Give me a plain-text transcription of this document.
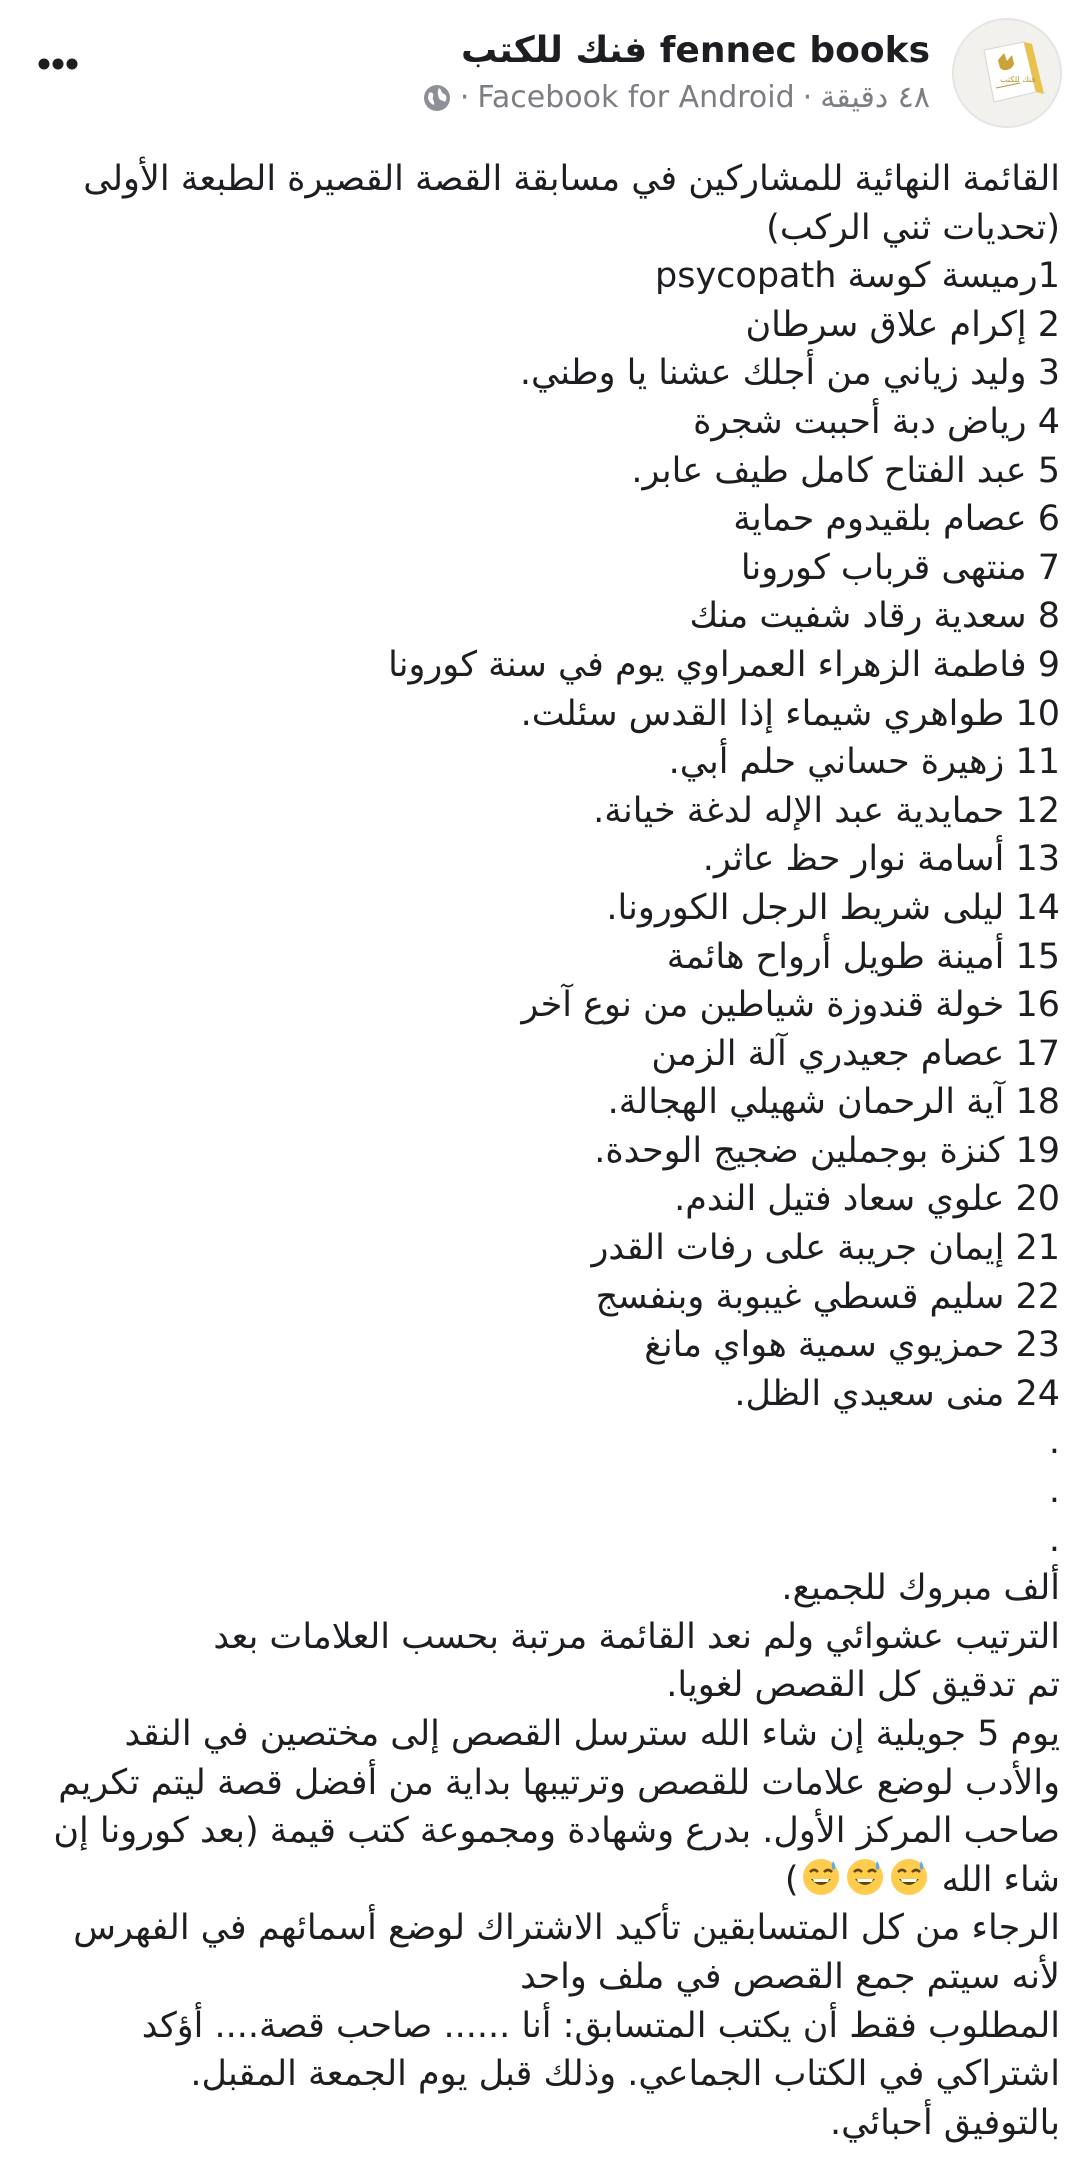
فنك للكتب fennec books
· Facebook for Android · ٤٨ دقيقة
فنك للكتب
القائمة النهائية للمشاركين في مسابقة القصة القصيرة الطبعة الأولى
(تحديات ثني الركب)
1رميسة كوسة psycopath
2 إكرام علاق سرطان
3 وليد زياني من أجلك عشنا يا وطني.
4 رياض دبة أحببت شجرة
5 عبد الفتاح كامل طيف عابر.
6 عصام بلقيدوم حماية
7 منتهى قرباب كورونا
8 سعدية رقاد شفيت منك
9 فاطمة الزهراء العمراوي يوم في سنة كورونا
10 طواهري شيماء إذا القدس سئلت.
11 زهيرة حساني حلم أبي.
12 حمايدية عبد الإله لدغة خيانة.
13 أسامة نوار حظ عاثر.
14 ليلى شريط الرجل الكورونا.
15 أمينة طويل أرواح هائمة
16 خولة قندوزة شياطين من نوع آخر
17 عصام جعيدري آلة الزمن
18 آية الرحمان شهيلي الهجالة.
19 كنزة بوجملين ضجيج الوحدة.
20 علوي سعاد فتيل الندم.
21 إيمان جريبة على رفات القدر
22 سليم قسطي غيبوبة وبنفسج
23 حمزيوي سمية هواي مانغ
24 منى سعيدي الظل.
.
.
.
ألف مبروك للجميع.
الترتيب عشوائي ولم نعد القائمة مرتبة بحسب العلامات بعد
تم تدقيق كل القصص لغويا.
يوم 5 جويلية إن شاء الله سترسل القصص إلى مختصين في النقد والأدب لوضع علامات للقصص وترتيبها بداية من أفضل قصة ليتم تكريم صاحب المركز الأول. بدرع وشهادة ومجموعة كتب قيمة (بعد كورونا إن شاء الله )
الرجاء من كل المتسابقين تأكيد الاشتراك لوضع أسمائهم في الفهرس لأنه سيتم جمع القصص في ملف واحد
المطلوب فقط أن يكتب المتسابق: أنا ...... صاحب قصة.... أؤكد اشتراكي في الكتاب الجماعي. وذلك قبل يوم الجمعة المقبل.
بالتوفيق أحبائي.
